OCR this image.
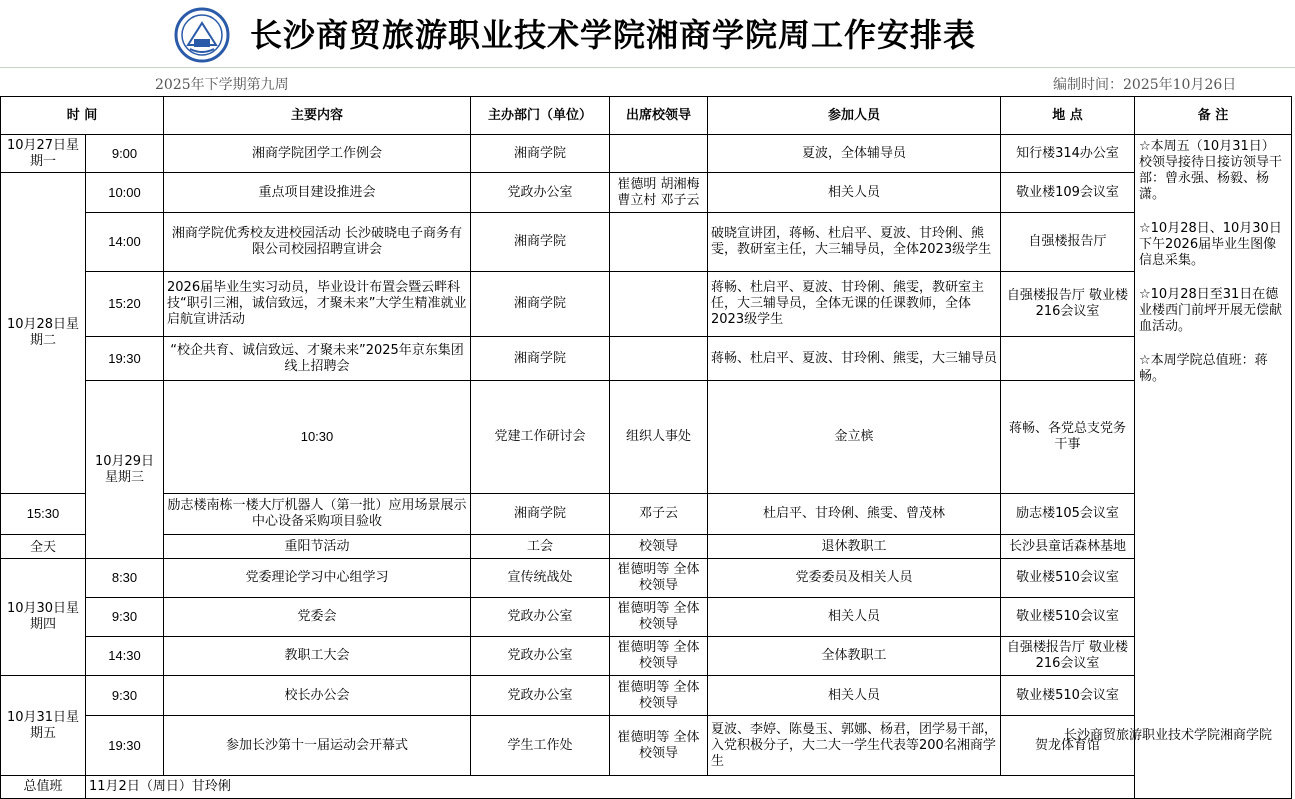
长沙商贸旅游职业技术学院湘商学院周工作安排表
2025年下学期第九周	编制时间：2025年10月26日
时 间		主要内容	主办部门（单位）	出席校领导	参加人员	地 点	备 注	
10月27日星期一	9:00	湘商学院团学工作例会	湘商学院		夏波，全体辅导员	知行楼314办公室	☆本周五（10月31日）校领导接待日接访领导干部：曾永强、杨毅、杨潇。

☆10月28日、10月30日下午2026届毕业生图像信息采集。

☆10月28日至31日在德业楼西门前坪开展无偿献血活动。

☆本周学院总值班：蒋畅。	

10月28日星期二	10:00	重点项目建设推进会	党政办公室	崔德明 胡湘梅 曹立村 邓子云	相关人员	敬业楼109会议室		
	14:00	湘商学院优秀校友进校园活动 长沙破晓电子商务有限公司校园招聘宣讲会	湘商学院		破晓宣讲团，蒋畅、杜启平、夏波、甘玲俐、熊雯，教研室主任，大三辅导员，全体2023级学生	自强楼报告厅		
	15:20	2026届毕业生实习动员，毕业设计布置会暨云畔科技“职引三湘，诚信致远，才聚未来”大学生精准就业启航宣讲活动	湘商学院		蒋畅、杜启平、夏波、甘玲俐、熊雯，教研室主任，大三辅导员，全体无课的任课教师，全体2023级学生	自强楼报告厅 敬业楼216会议室		
	19:30	“校企共育、诚信致远、才聚未来”2025年京东集团线上招聘会	湘商学院		蒋畅、杜启平、夏波、甘玲俐、熊雯，大三辅导员			
	10月29日星期三	10:30	党建工作研讨会	组织人事处	金立槟	蒋畅、各党总支党务干事	
15:30		励志楼南栋一楼大厅机器人（第一批）应用场景展示中心设备采购项目验收	湘商学院	邓子云	杜启平、甘玲俐、熊雯、曾茂林	励志楼105会议室		
全天		重阳节活动	工会	校领导	退休教职工	长沙县童话森林基地		
10月30日星期四	8:30	党委理论学习中心组学习	宣传统战处	崔德明等 全体校领导	党委委员及相关人员	敬业楼510会议室		
	9:30	党委会	党政办公室	崔德明等 全体校领导	相关人员	敬业楼510会议室		
	14:30	教职工大会	党政办公室	崔德明等 全体校领导	全体教职工	自强楼报告厅 敬业楼216会议室		
10月31日星期五	9:30	校长办公会	党政办公室	崔德明等 全体校领导	相关人员	敬业楼510会议室		
	19:30	参加长沙第十一届运动会开幕式	学生工作处	崔德明等 全体校领导	夏波、李婷、陈曼玉、郭娜、杨君，团学易干部，入党积极分子，大二大一学生代表等200名湘商学生	贺龙体育馆		
总值班	11月2日（周日）甘玲俐							
长沙商贸旅游职业技术学院湘商学院
